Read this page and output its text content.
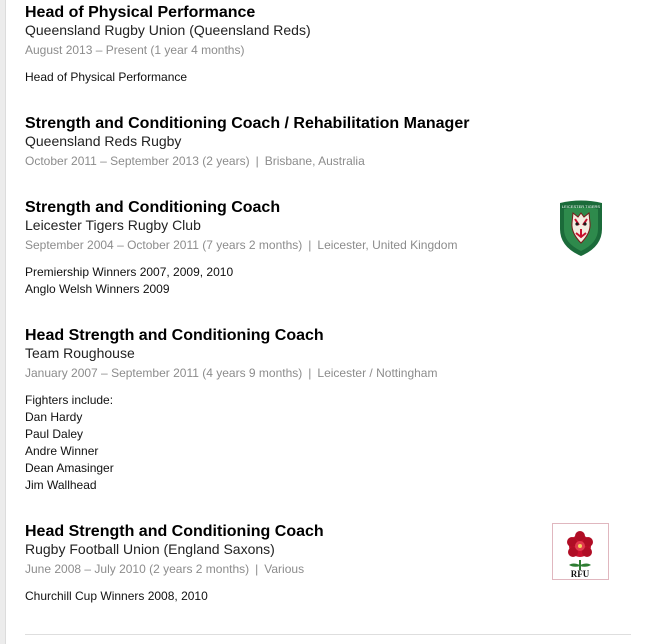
Head of Physical Performance
Queensland Rugby Union (Queensland Reds)
August 2013 – Present (1 year 4 months)
Head of Physical Performance
Strength and Conditioning Coach / Rehabilitation Manager
Queensland Reds Rugby
October 2011 – September 2013 (2 years) | Brisbane, Australia
Strength and Conditioning Coach
Leicester Tigers Rugby Club
September 2004 – October 2011 (7 years 2 months) | Leicester, United Kingdom
Premiership Winners 2007, 2009, 2010
Anglo Welsh Winners 2009
LEICESTER TIGERS
Head Strength and Conditioning Coach
Team Roughouse
January 2007 – September 2011 (4 years 9 months) | Leicester / Nottingham
Fighters include:
Dan Hardy
Paul Daley
Andre Winner
Dean Amasinger
Jim Wallhead
Head Strength and Conditioning Coach
Rugby Football Union (England Saxons)
June 2008 – July 2010 (2 years 2 months) | Various
Churchill Cup Winners 2008, 2010
RFU
